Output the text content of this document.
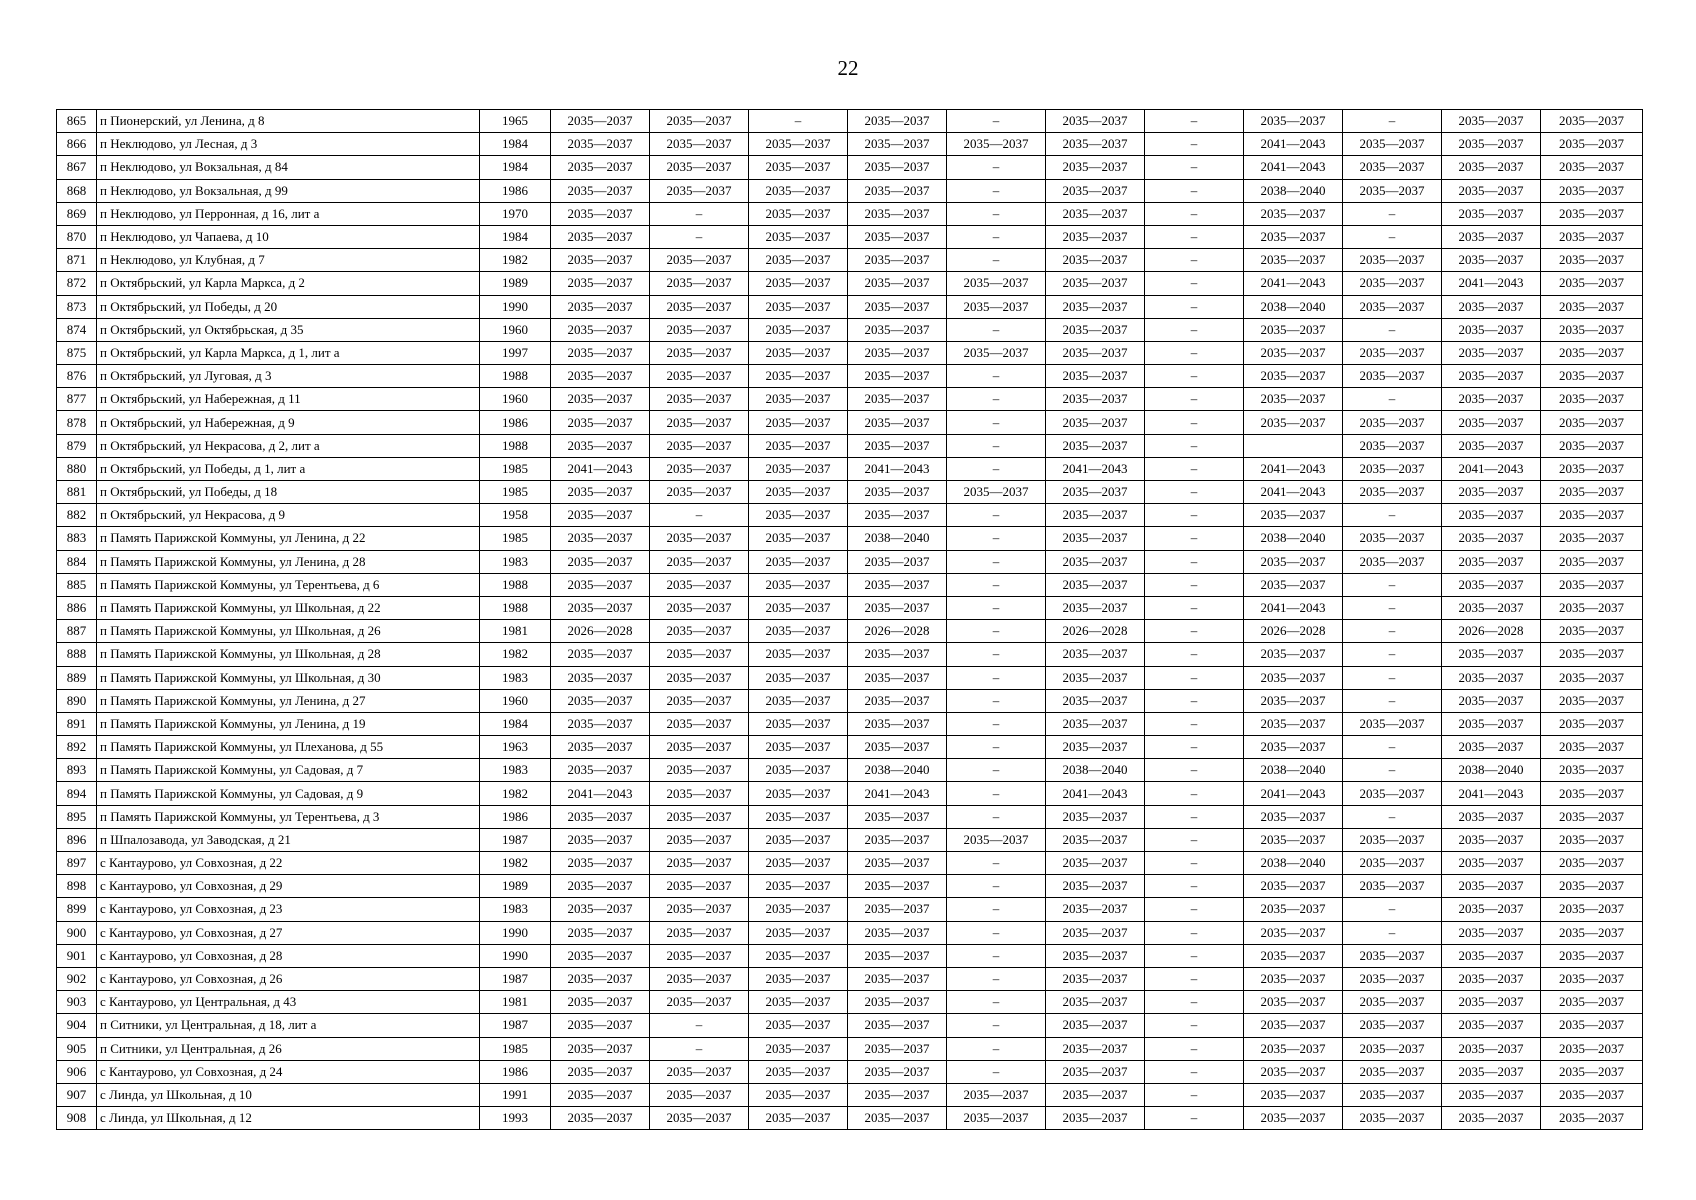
22
865	п Пионерский, ул Ленина, д 8	1965	2035—2037	2035—2037	–	2035—2037	–	2035—2037	–	2035—2037	–	2035—2037	2035—2037
866	п Неклюдово, ул Лесная, д 3	1984	2035—2037	2035—2037	2035—2037	2035—2037	2035—2037	2035—2037	–	2041—2043	2035—2037	2035—2037	2035—2037
867	п Неклюдово, ул Вокзальная, д 84	1984	2035—2037	2035—2037	2035—2037	2035—2037	–	2035—2037	–	2041—2043	2035—2037	2035—2037	2035—2037
868	п Неклюдово, ул Вокзальная, д 99	1986	2035—2037	2035—2037	2035—2037	2035—2037	–	2035—2037	–	2038—2040	2035—2037	2035—2037	2035—2037
869	п Неклюдово, ул Перронная, д 16, лит а	1970	2035—2037	–	2035—2037	2035—2037	–	2035—2037	–	2035—2037	–	2035—2037	2035—2037
870	п Неклюдово, ул Чапаева, д 10	1984	2035—2037	–	2035—2037	2035—2037	–	2035—2037	–	2035—2037	–	2035—2037	2035—2037
871	п Неклюдово, ул Клубная, д 7	1982	2035—2037	2035—2037	2035—2037	2035—2037	–	2035—2037	–	2035—2037	2035—2037	2035—2037	2035—2037
872	п Октябрьский, ул Карла Маркса, д 2	1989	2035—2037	2035—2037	2035—2037	2035—2037	2035—2037	2035—2037	–	2041—2043	2035—2037	2041—2043	2035—2037
873	п Октябрьский, ул Победы, д 20	1990	2035—2037	2035—2037	2035—2037	2035—2037	2035—2037	2035—2037	–	2038—2040	2035—2037	2035—2037	2035—2037
874	п Октябрьский, ул Октябрьская, д 35	1960	2035—2037	2035—2037	2035—2037	2035—2037	–	2035—2037	–	2035—2037	–	2035—2037	2035—2037
875	п Октябрьский, ул Карла Маркса, д 1, лит а	1997	2035—2037	2035—2037	2035—2037	2035—2037	2035—2037	2035—2037	–	2035—2037	2035—2037	2035—2037	2035—2037
876	п Октябрьский, ул Луговая, д 3	1988	2035—2037	2035—2037	2035—2037	2035—2037	–	2035—2037	–	2035—2037	2035—2037	2035—2037	2035—2037
877	п Октябрьский, ул Набережная, д 11	1960	2035—2037	2035—2037	2035—2037	2035—2037	–	2035—2037	–	2035—2037	–	2035—2037	2035—2037
878	п Октябрьский, ул Набережная, д 9	1986	2035—2037	2035—2037	2035—2037	2035—2037	–	2035—2037	–	2035—2037	2035—2037	2035—2037	2035—2037
879	п Октябрьский, ул Некрасова, д 2, лит а	1988	2035—2037	2035—2037	2035—2037	2035—2037	–	2035—2037	–		2035—2037	2035—2037	2035—2037
880	п Октябрьский, ул Победы, д 1, лит а	1985	2041—2043	2035—2037	2035—2037	2041—2043	–	2041—2043	–	2041—2043	2035—2037	2041—2043	2035—2037
881	п Октябрьский, ул Победы, д 18	1985	2035—2037	2035—2037	2035—2037	2035—2037	2035—2037	2035—2037	–	2041—2043	2035—2037	2035—2037	2035—2037
882	п Октябрьский, ул Некрасова, д 9	1958	2035—2037	–	2035—2037	2035—2037	–	2035—2037	–	2035—2037	–	2035—2037	2035—2037
883	п Память Парижской Коммуны, ул Ленина, д 22	1985	2035—2037	2035—2037	2035—2037	2038—2040	–	2035—2037	–	2038—2040	2035—2037	2035—2037	2035—2037
884	п Память Парижской Коммуны, ул Ленина, д 28	1983	2035—2037	2035—2037	2035—2037	2035—2037	–	2035—2037	–	2035—2037	2035—2037	2035—2037	2035—2037
885	п Память Парижской Коммуны, ул Терентьева, д 6	1988	2035—2037	2035—2037	2035—2037	2035—2037	–	2035—2037	–	2035—2037	–	2035—2037	2035—2037
886	п Память Парижской Коммуны, ул Школьная, д 22	1988	2035—2037	2035—2037	2035—2037	2035—2037	–	2035—2037	–	2041—2043	–	2035—2037	2035—2037
887	п Память Парижской Коммуны, ул Школьная, д 26	1981	2026—2028	2035—2037	2035—2037	2026—2028	–	2026—2028	–	2026—2028	–	2026—2028	2035—2037
888	п Память Парижской Коммуны, ул Школьная, д 28	1982	2035—2037	2035—2037	2035—2037	2035—2037	–	2035—2037	–	2035—2037	–	2035—2037	2035—2037
889	п Память Парижской Коммуны, ул Школьная, д 30	1983	2035—2037	2035—2037	2035—2037	2035—2037	–	2035—2037	–	2035—2037	–	2035—2037	2035—2037
890	п Память Парижской Коммуны, ул Ленина, д 27	1960	2035—2037	2035—2037	2035—2037	2035—2037	–	2035—2037	–	2035—2037	–	2035—2037	2035—2037
891	п Память Парижской Коммуны, ул Ленина, д 19	1984	2035—2037	2035—2037	2035—2037	2035—2037	–	2035—2037	–	2035—2037	2035—2037	2035—2037	2035—2037
892	п Память Парижской Коммуны, ул Плеханова, д 55	1963	2035—2037	2035—2037	2035—2037	2035—2037	–	2035—2037	–	2035—2037	–	2035—2037	2035—2037
893	п Память Парижской Коммуны, ул Садовая, д 7	1983	2035—2037	2035—2037	2035—2037	2038—2040	–	2038—2040	–	2038—2040	–	2038—2040	2035—2037
894	п Память Парижской Коммуны, ул Садовая, д 9	1982	2041—2043	2035—2037	2035—2037	2041—2043	–	2041—2043	–	2041—2043	2035—2037	2041—2043	2035—2037
895	п Память Парижской Коммуны, ул Терентьева, д 3	1986	2035—2037	2035—2037	2035—2037	2035—2037	–	2035—2037	–	2035—2037	–	2035—2037	2035—2037
896	п Шпалозавода, ул Заводская, д 21	1987	2035—2037	2035—2037	2035—2037	2035—2037	2035—2037	2035—2037	–	2035—2037	2035—2037	2035—2037	2035—2037
897	с Кантаурово, ул Совхозная, д 22	1982	2035—2037	2035—2037	2035—2037	2035—2037	–	2035—2037	–	2038—2040	2035—2037	2035—2037	2035—2037
898	с Кантаурово, ул Совхозная, д 29	1989	2035—2037	2035—2037	2035—2037	2035—2037	–	2035—2037	–	2035—2037	2035—2037	2035—2037	2035—2037
899	с Кантаурово, ул Совхозная, д 23	1983	2035—2037	2035—2037	2035—2037	2035—2037	–	2035—2037	–	2035—2037	–	2035—2037	2035—2037
900	с Кантаурово, ул Совхозная, д 27	1990	2035—2037	2035—2037	2035—2037	2035—2037	–	2035—2037	–	2035—2037	–	2035—2037	2035—2037
901	с Кантаурово, ул Совхозная, д 28	1990	2035—2037	2035—2037	2035—2037	2035—2037	–	2035—2037	–	2035—2037	2035—2037	2035—2037	2035—2037
902	с Кантаурово, ул Совхозная, д 26	1987	2035—2037	2035—2037	2035—2037	2035—2037	–	2035—2037	–	2035—2037	2035—2037	2035—2037	2035—2037
903	с Кантаурово, ул Центральная, д 43	1981	2035—2037	2035—2037	2035—2037	2035—2037	–	2035—2037	–	2035—2037	2035—2037	2035—2037	2035—2037
904	п Ситники, ул Центральная, д 18, лит а	1987	2035—2037	–	2035—2037	2035—2037	–	2035—2037	–	2035—2037	2035—2037	2035—2037	2035—2037
905	п Ситники, ул Центральная, д 26	1985	2035—2037	–	2035—2037	2035—2037	–	2035—2037	–	2035—2037	2035—2037	2035—2037	2035—2037
906	с Кантаурово, ул Совхозная, д 24	1986	2035—2037	2035—2037	2035—2037	2035—2037	–	2035—2037	–	2035—2037	2035—2037	2035—2037	2035—2037
907	с Линда, ул Школьная, д 10	1991	2035—2037	2035—2037	2035—2037	2035—2037	2035—2037	2035—2037	–	2035—2037	2035—2037	2035—2037	2035—2037
908	с Линда, ул Школьная, д 12	1993	2035—2037	2035—2037	2035—2037	2035—2037	2035—2037	2035—2037	–	2035—2037	2035—2037	2035—2037	2035—2037
